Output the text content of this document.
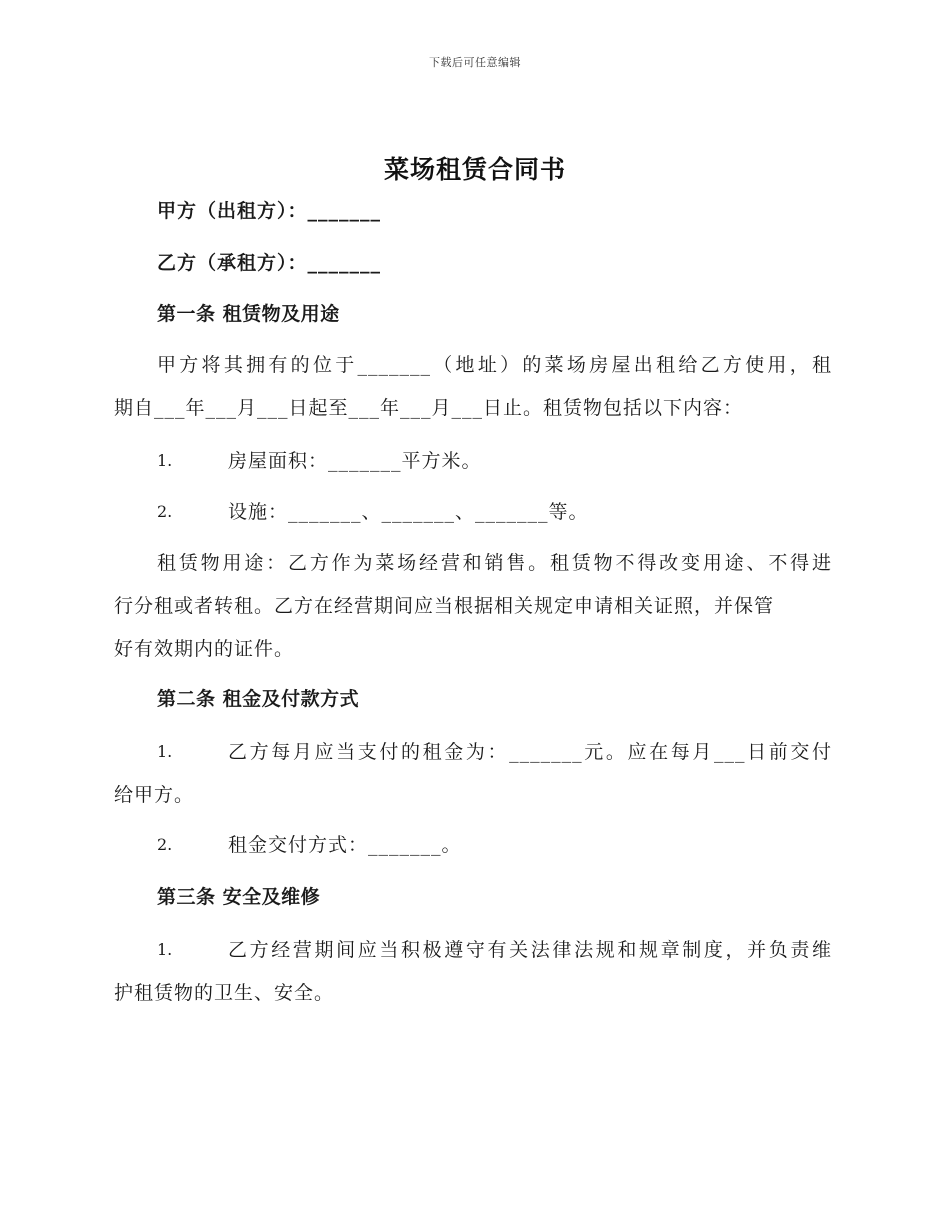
下载后可任意编辑
菜场租赁合同书
甲方（出租方）：_______
乙方（承租方）：_______
第一条 租赁物及用途
甲方将其拥有的位于_______（地址）的菜场房屋出租给乙方使用，租
期自___年___月___日起至___年___月___日止。租赁物包括以下内容：
1.	房屋面积：_______平方米。
2.	设施：_______、_______、_______等。
租赁物用途：乙方作为菜场经营和销售。租赁物不得改变用途、不得进
行分租或者转租。乙方在经营期间应当根据相关规定申请相关证照，并保管
好有效期内的证件。
第二条 租金及付款方式
1.	乙方每月应当支付的租金为：_______元。应在每月___日前交付
给甲方。
2.	租金交付方式：_______。
第三条 安全及维修
1.	乙方经营期间应当积极遵守有关法律法规和规章制度，并负责维
护租赁物的卫生、安全。
